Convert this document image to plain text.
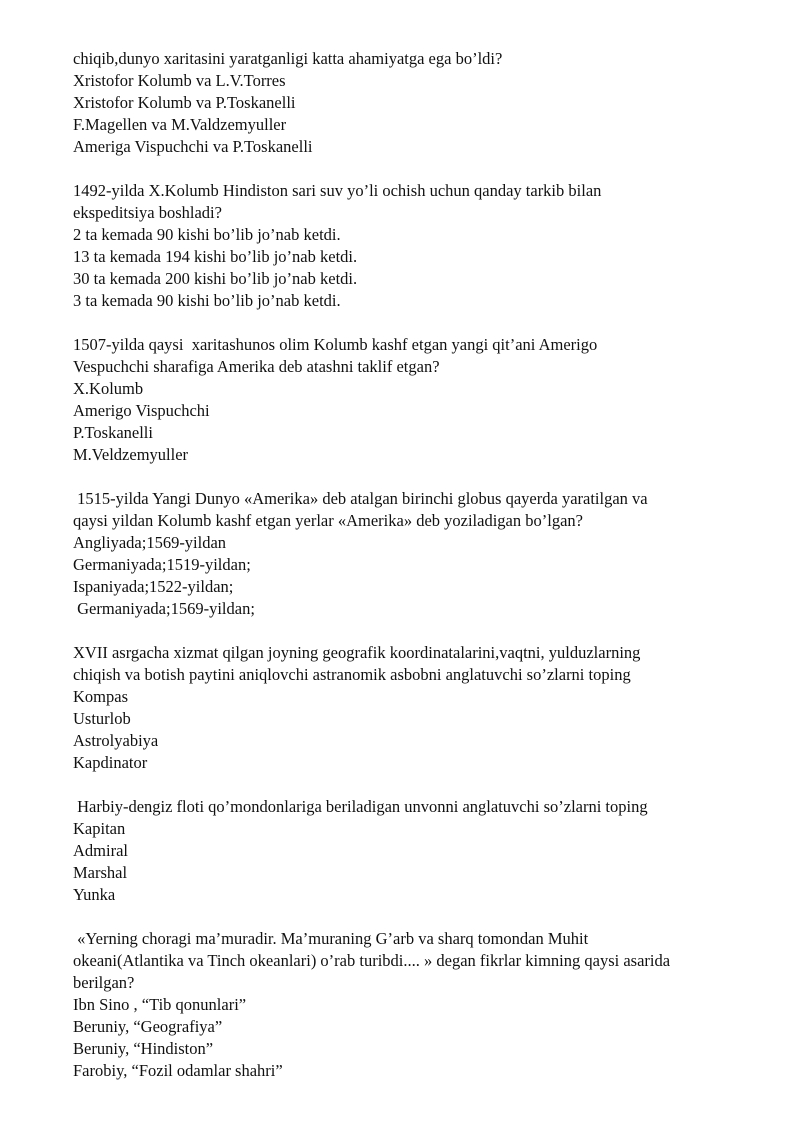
chiqib,dunyo xaritasini yaratganligi katta ahamiyatga ega bo’ldi?

Xristofor Kolumb va L.V.Torres

Xristofor Kolumb va P.Toskanelli

F.Magellen va M.Valdzemyuller

Ameriga Vispuchchi va P.Toskanelli

1492-yilda X.Kolumb Hindiston sari suv yo’li ochish uchun qanday tarkib bilan

ekspeditsiya boshladi?

2 ta kemada 90 kishi bo’lib jo’nab ketdi.

13 ta kemada 194 kishi bo’lib jo’nab ketdi.

30 ta kemada 200 kishi bo’lib jo’nab ketdi.

3 ta kemada 90 kishi bo’lib jo’nab ketdi.

1507-yilda qaysi  xaritashunos olim Kolumb kashf etgan yangi qit’ani Amerigo

Vespuchchi sharafiga Amerika deb atashni taklif etgan?

X.Kolumb

Amerigo Vispuchchi

P.Toskanelli

M.Veldzemyuller

1515-yilda Yangi Dunyo «Amerika» deb atalgan birinchi globus qayerda yaratilgan va

qaysi yildan Kolumb kashf etgan yerlar «Amerika» deb yoziladigan bo’lgan?

Angliyada;1569-yildan

Germaniyada;1519-yildan;

Ispaniyada;1522-yildan;

Germaniyada;1569-yildan;

XVII asrgacha xizmat qilgan joyning geografik koordinatalarini,vaqtni, yulduzlarning

chiqish va botish paytini aniqlovchi astranomik asbobni anglatuvchi so’zlarni toping

Kompas

Usturlob

Astrolyabiya

Kapdinator

Harbiy-dengiz floti qo’mondonlariga beriladigan unvonni anglatuvchi so’zlarni toping

Kapitan

Admiral

Marshal

Yunka

«Yerning choragi ma’muradir. Ma’muraning G’arb va sharq tomondan Muhit

okeani(Atlantika va Tinch okeanlari) o’rab turibdi.... » degan fikrlar kimning qaysi asarida

berilgan?

Ibn Sino , “Tib qonunlari”

Beruniy, “Geografiya”

Beruniy, “Hindiston”

Farobiy, “Fozil odamlar shahri”
